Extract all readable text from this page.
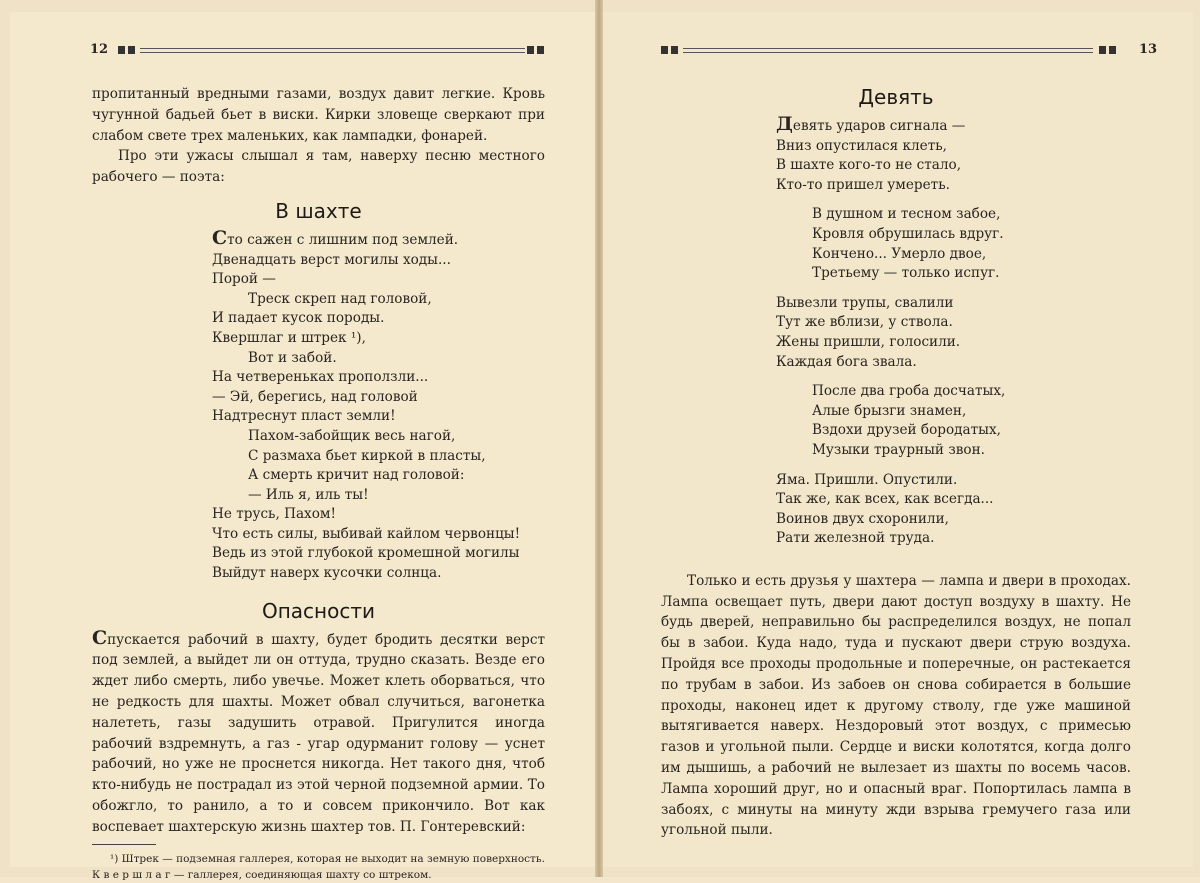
12

пропитанный вредными газами, воздух давит легкие. Кровь чугунной бадьей бьет в виски. Кирки зловеще сверкают при слабом свете трех маленьких, как лампадки, фонарей.

Про эти ужасы слышал я там, наверху песню местного рабочего — поэта:

В шахте
Сто сажен с лишним под землей.
Двенадцать верст могилы ходы...
Порой —
Треск скреп над головой,
И падает кусок породы.
Квершлаг и штрек ¹),
Вот и забой.
На четвереньках проползли...
— Эй, берегись, над головой
Надтреснут пласт земли!
Пахом-забойщик весь нагой,
С размаха бьет киркой в пласты,
А смерть кричит над головой:
— Иль я, иль ты!
Не трусь, Пахом!
Что есть силы, выбивай кайлом червонцы!
Ведь из этой глубокой кромешной могилы
Выйдут наверх кусочки солнца.
Опасности

Спускается рабочий в шахту, будет бродить десятки верст под землей, а выйдет ли он оттуда, трудно сказать. Везде его ждет либо смерть, либо увечье. Может клеть оборваться, что не редкость для шахты. Может обвал случиться, вагонетка налететь, газы задушить отравой. Пригулится иногда рабочий вздремнуть, а газ - угар одурманит голову — уснет рабочий, но уже не проснется никогда. Нет такого дня, чтоб кто-нибудь не пострадал из этой черной подземной армии. То обожгло, то ранило, а то и совсем прикончило. Вот как воспевает шахтерскую жизнь шахтер тов. П. Гонтеревский:

¹) Штрек — подземная галлерея, которая не выходит на земную поверхность. К в е р ш л а г — галлерея, соединяющая шахту со штреком.
13
Девять
Девять ударов сигнала —
Вниз опустилася клеть,
В шахте кого-то не стало,
Кто-то пришел умереть.
В душном и тесном забое,
Кровля обрушилась вдруг.
Кончено... Умерло двое,
Третьему — только испуг.
Вывезли трупы, свалили
Тут же вблизи, у ствола.
Жены пришли, голосили.
Каждая бога звала.
После два гроба досчатых,
Алые брызги знамен,
Вздохи друзей бородатых,
Музыки траурный звон.
Яма. Пришли. Опустили.
Так же, как всех, как всегда...
Воинов двух схоронили,
Рати железной труда.

Только и есть друзья у шахтера — лампа и двери в проходах. Лампа освещает путь, двери дают доступ воздуху в шахту. Не будь дверей, неправильно бы распределился воздух, не попал бы в забои. Куда надо, туда и пускают двери струю воздуха. Пройдя все проходы продольные и поперечные, он растекается по трубам в забои. Из забоев он снова собирается в большие проходы, наконец идет к другому стволу, где уже машиной вытягивается наверх. Нездоровый этот воздух, с примесью газов и угольной пыли. Сердце и виски колотятся, когда долго им дышишь, а рабочий не вылезает из шахты по восемь часов. Лампа хороший друг, но и опасный враг. Попортилась лампа в забоях, с минуты на минуту жди взрыва гремучего газа или угольной пыли.
